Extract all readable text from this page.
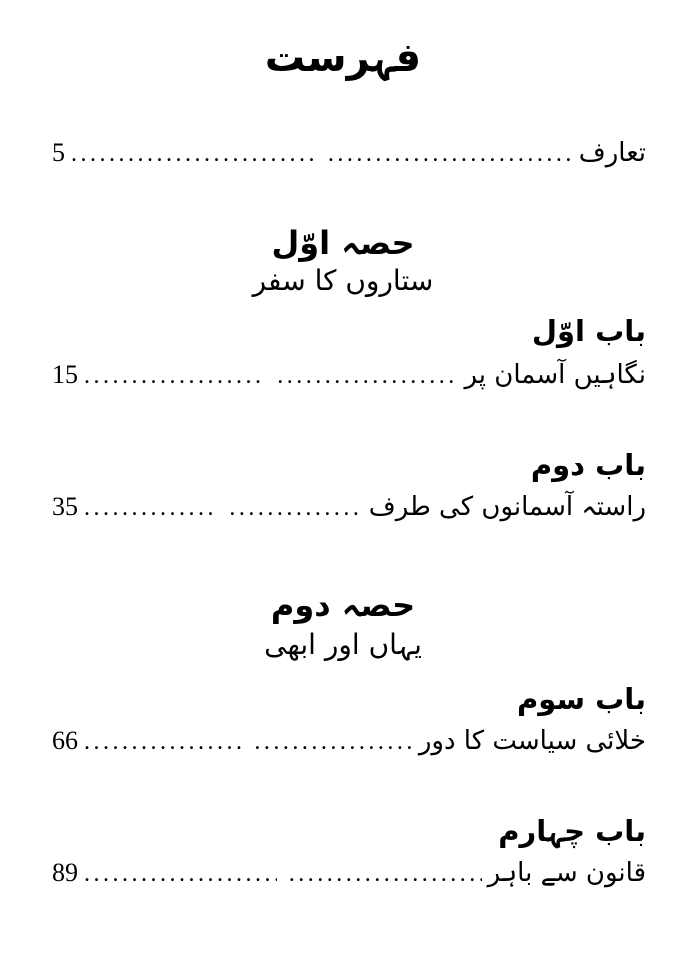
فہرست
تعارف
.....
.....
5
حصہ اوّل
ستاروں کا سفر
باب اوّل
نگاہیں آسمان پر
.....
.....
15
باب دوم
راستہ آسمانوں کی طرف
.....
.....
35
حصہ دوم
یہاں اور ابھی
باب سوم
خلائی سیاست کا دور
.....
.....
66
باب چہارم
قانون سے باہر
.....
.....
89
